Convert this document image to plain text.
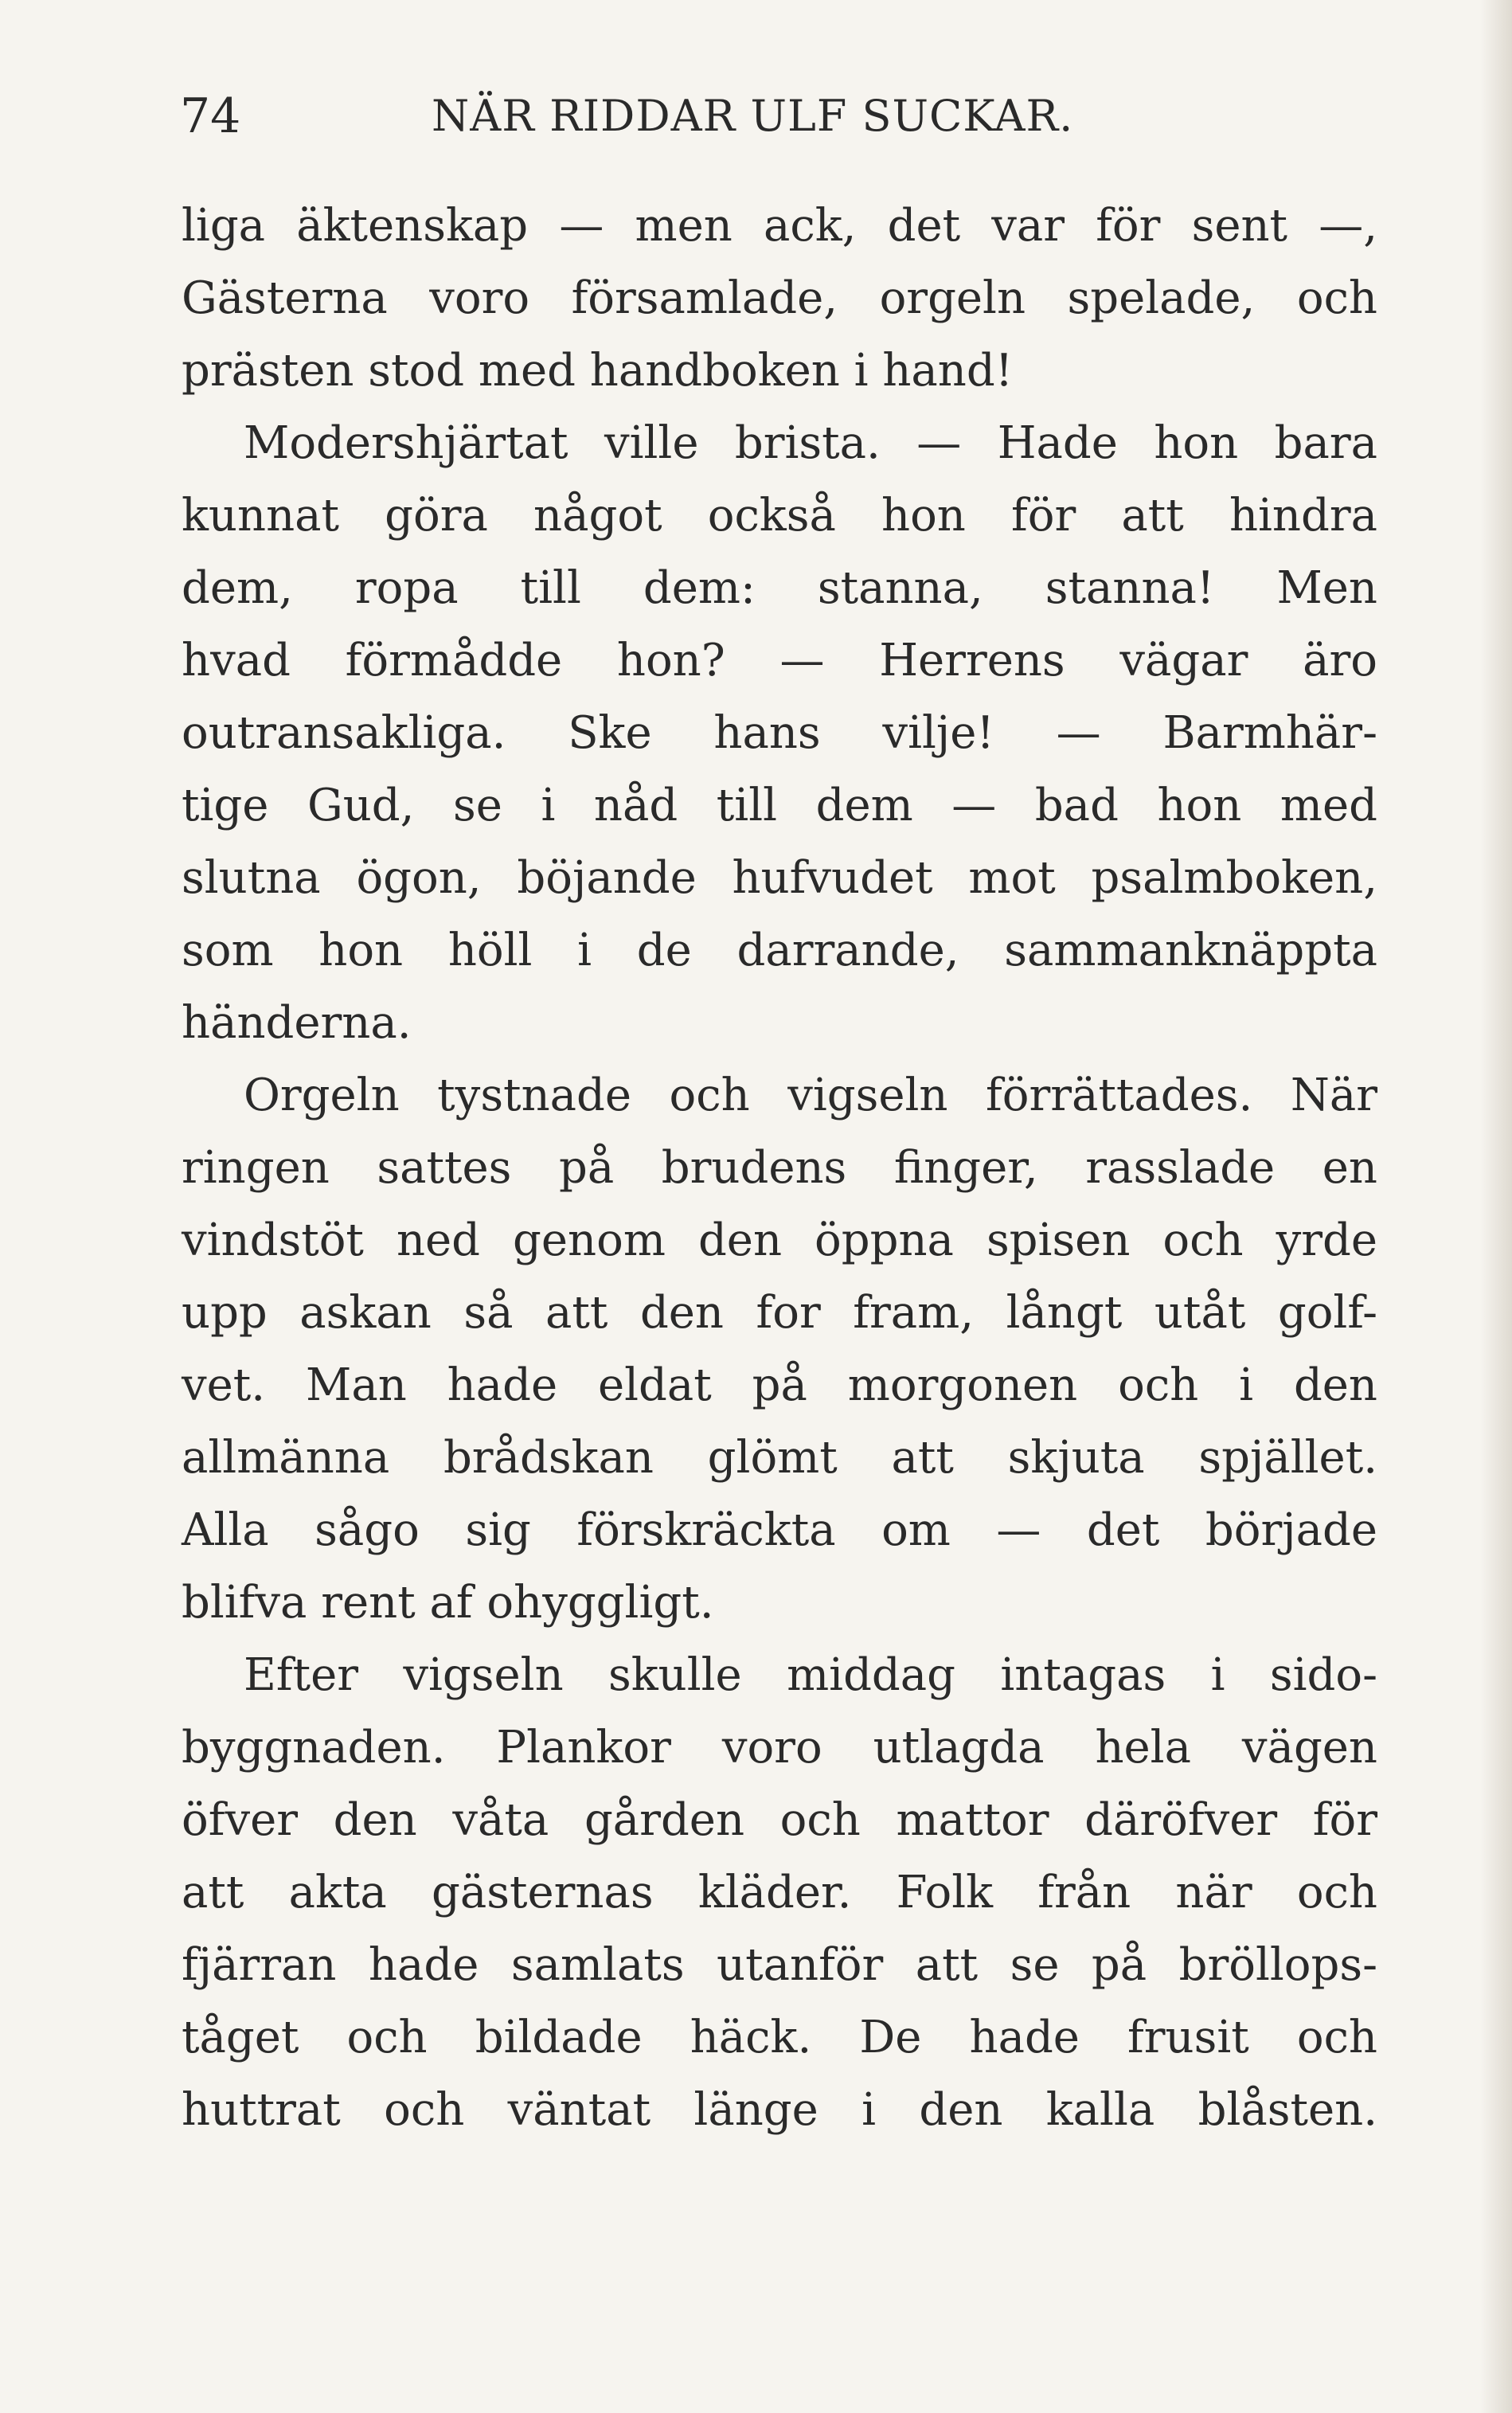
74	NÄR RIDDAR ULF SUCKAR.
liga äktenskap — men ack, det var för sent —,
Gästerna voro församlade, orgeln spelade, och
prästen stod med handboken i hand!
Modershjärtat ville brista. — Hade hon bara
kunnat göra något också hon för att hindra
dem, ropa till dem: stanna, stanna! Men
hvad förmådde hon? — Herrens vägar äro
outransakliga. Ske hans vilje! — Barmhär-
tige Gud, se i nåd till dem — bad hon med
slutna ögon, böjande hufvudet mot psalmboken,
som hon höll i de darrande, sammanknäppta
händerna.
Orgeln tystnade och vigseln förrättades. När
ringen sattes på brudens finger, rasslade en
vindstöt ned genom den öppna spisen och yrde
upp askan så att den for fram, långt utåt golf-
vet. Man hade eldat på morgonen och i den
allmänna brådskan glömt att skjuta spjället.
Alla sågo sig förskräckta om — det började
blifva rent af ohyggligt.
Efter vigseln skulle middag intagas i sido-
byggnaden. Plankor voro utlagda hela vägen
öfver den våta gården och mattor däröfver för
att akta gästernas kläder. Folk från när och
fjärran hade samlats utanför att se på bröllops-
tåget och bildade häck. De hade frusit och
huttrat och väntat länge i den kalla blåsten.
